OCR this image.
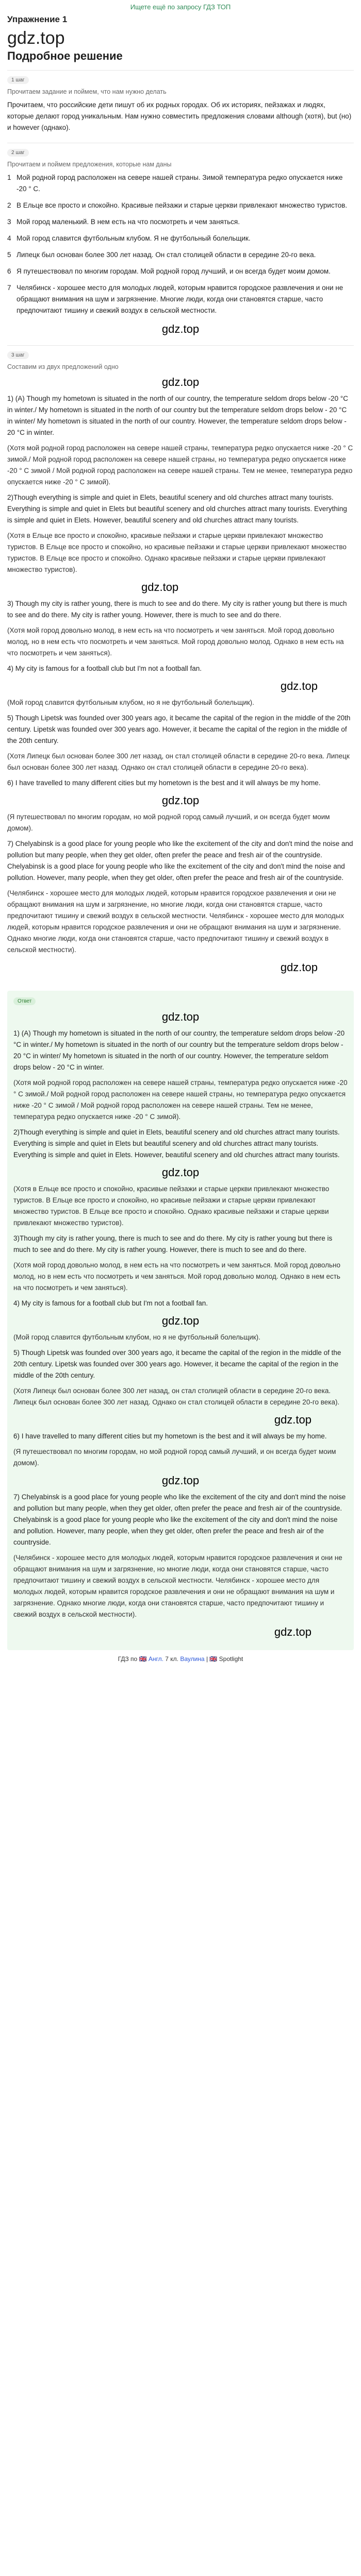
Ищете ещё по запросу ГДЗ ТОП
Упражнение 1
gdz.top
Подробное решение
1 шаг
Прочитаем задание и поймем, что нам нужно делать
Прочитаем, что российские дети пишут об их родных городах. Об их историях, пейзажах и людях, которые делают город уникальным. Нам нужно совместить предложения словами although (хотя), but (но) и however (однако).
2 шаг
Прочитаем и поймем предложения, которые нам даны
1 Мой родной город расположен на севере нашей страны. Зимой температура редко опускается ниже -20 ° С.
2 В Ельце все просто и спокойно. Красивые пейзажи и старые церкви привлекают множество туристов.
3 Мой город маленький. В нем есть на что посмотреть и чем заняться.
4 Мой город славится футбольным клубом. Я не футбольный болельщик.
5 Липецк был основан более 300 лет назад. Он стал столицей области в середине 20-го века.
6 Я путешествовал по многим городам. Мой родной город лучший, и он всегда будет моим домом.
7 Челябинск - хорошее место для молодых людей, которым нравится городское развлечения и они не обращают внимания на шум и загрязнение. Многие люди, когда они становятся старше, часто предпочитают тишину и свежий воздух в сельской местности.
gdz.top
3 шаг
Составим из двух предложений одно
gdz.top
1) (А) Though my hometown is situated in the north of our country, the temperature seldom drops below -20 °C in winter./ My hometown is situated in the north of our country but the temperature seldom drops below - 20 °C in winter/ My hometown is situated in the north of our country. However, the temperature seldom drops below - 20 °C in winter.
(Хотя мой родной город расположен на севере нашей страны, температура редко опускается ниже -20 ° С зимой./ Мой родной город расположен на севере нашей страны, но температура редко опускается ниже -20 ° С зимой / Мой родной город расположен на севере нашей страны. Тем не менее, температура редко опускается ниже -20 ° C зимой).
2)Though everything is simple and quiet in Elets, beautiful scenery and old churches attract many tourists. Everything is simple and quiet in Elets but beautiful scenery and old churches attract many tourists. Everything is simple and quiet in Elets. However, beautiful scenery and old churches attract many tourists.
(Хотя в Ельце все просто и спокойно, красивые пейзажи и старые церкви привлекают множество туристов. В Ельце все просто и спокойно, но красивые пейзажи и старые церкви привлекают множество туристов. В Ельце все просто и спокойно. Однако красивые пейзажи и старые церкви привлекают множество туристов).
gdz.top
3) Though my city is rather young, there is much to see and do there. My city is rather young but there is much to see and do there. My city is rather young. However, there is much to see and do there.
(Хотя мой город довольно молод, в нем есть на что посмотреть и чем заняться. Мой город довольно молод, но в нем есть что посмотреть и чем заняться. Мой город довольно молод. Однако в нем есть на что посмотреть и чем заняться).
4) My city is famous for a football club but I'm not a football fan.
gdz.top
(Мой город славится футбольным клубом, но я не футбольный болельщик).
5) Though Lipetsk was founded over 300 years ago, it became the capital of the region in the middle of the 20th century. Lipetsk was founded over 300 years ago. However, it became the capital of the region in the middle of the 20th century.
(Хотя Липецк был основан более 300 лет назад, он стал столицей области в середине 20-го века. Липецк был основан более 300 лет назад. Однако он стал столицей области в середине 20-го века).
6) I have travelled to many different cities but my hometown is the best and it will always be my home.
gdz.top
(Я путешествовал по многим городам, но мой родной город самый лучший, и он всегда будет моим домом).
7) Chelyabinsk is a good place for young people who like the excitement of the city and don't mind the noise and pollution but many people, when they get older, often prefer the peace and fresh air of the countryside. Chelyabinsk is a good place for young people who like the excitement of the city and don't mind the noise and pollution. However, many people, when they get older, often prefer the peace and fresh air of the countryside.
(Челябинск - хорошее место для молодых людей, которым нравится городское развлечения и они не обращают внимания на шум и загрязнение, но многие люди, когда они становятся старше, часто предпочитают тишину и свежий воздух в сельской местности. Челябинск - хорошее место для молодых людей, которым нравится городское развлечения и они не обращают внимания на шум и загрязнение. Однако многие люди, когда они становятся старше, часто предпочитают тишину и свежий воздух в сельской местности).
gdz.top
Ответ
gdz.top
1) (А) Though my hometown is situated in the north of our country, the temperature seldom drops below -20 °C in winter./ My hometown is situated in the north of our country but the temperature seldom drops below - 20 °C in winter/ My hometown is situated in the north of our country. However, the temperature seldom drops below - 20 °C in winter.
(Хотя мой родной город расположен на севере нашей страны, температура редко опускается ниже -20 ° С зимой./ Мой родной город расположен на севере нашей страны, но температура редко опускается ниже -20 ° С зимой / Мой родной город расположен на севере нашей страны. Тем не менее, температура редко опускается ниже -20 ° C зимой).
2)Though everything is simple and quiet in Elets, beautiful scenery and old churches attract many tourists. Everything is simple and quiet in Elets but beautiful scenery and old churches attract many tourists. Everything is simple and quiet in Elets. However, beautiful scenery and old churches attract many tourists.
gdz.top
(Хотя в Ельце все просто и спокойно, красивые пейзажи и старые церкви привлекают множество туристов. В Ельце все просто и спокойно, но красивые пейзажи и старые церкви привлекают множество туристов. В Ельце все просто и спокойно. Однако красивые пейзажи и старые церкви привлекают множество туристов).
3)Though my city is rather young, there is much to see and do there. My city is rather young but there is much to see and do there. My city is rather young. However, there is much to see and do there.
(Хотя мой город довольно молод, в нем есть на что посмотреть и чем заняться. Мой город довольно молод, но в нем есть что посмотреть и чем заняться. Мой город довольно молод. Однако в нем есть на что посмотреть и чем заняться).
4) My city is famous for a football club but I'm not a football fan.
gdz.top
(Мой город славится футбольным клубом, но я не футбольный болельщик).
5) Though Lipetsk was founded over 300 years ago, it became the capital of the region in the middle of the 20th century. Lipetsk was founded over 300 years ago. However, it became the capital of the region in the middle of the 20th century.
(Хотя Липецк был основан более 300 лет назад, он стал столицей области в середине 20-го века. Липецк был основан более 300 лет назад. Однако он стал столицей области в середине 20-го века).
gdz.top
6) I have travelled to many different cities but my hometown is the best and it will always be my home.
(Я путешествовал по многим городам, но мой родной город самый лучший, и он всегда будет моим домом).
gdz.top
7) Chelyabinsk is a good place for young people who like the excitement of the city and don't mind the noise and pollution but many people, when they get older, often prefer the peace and fresh air of the countryside. Chelyabinsk is a good place for young people who like the excitement of the city and don't mind the noise and pollution. However, many people, when they get older, often prefer the peace and fresh air of the countryside.
(Челябинск - хорошее место для молодых людей, которым нравится городское развлечения и они не обращают внимания на шум и загрязнение, но многие люди, когда они становятся старше, часто предпочитают тишину и свежий воздух в сельской местности. Челябинск - хорошее место для молодых людей, которым нравится городское развлечения и они не обращают внимания на шум и загрязнение. Однако многие люди, когда они становятся старше, часто предпочитают тишину и свежий воздух в сельской местности).
gdz.top
ГДЗ по 🇬🇧 Англ. 7 кл. Ваулина | 🇬🇧 Spotlight
